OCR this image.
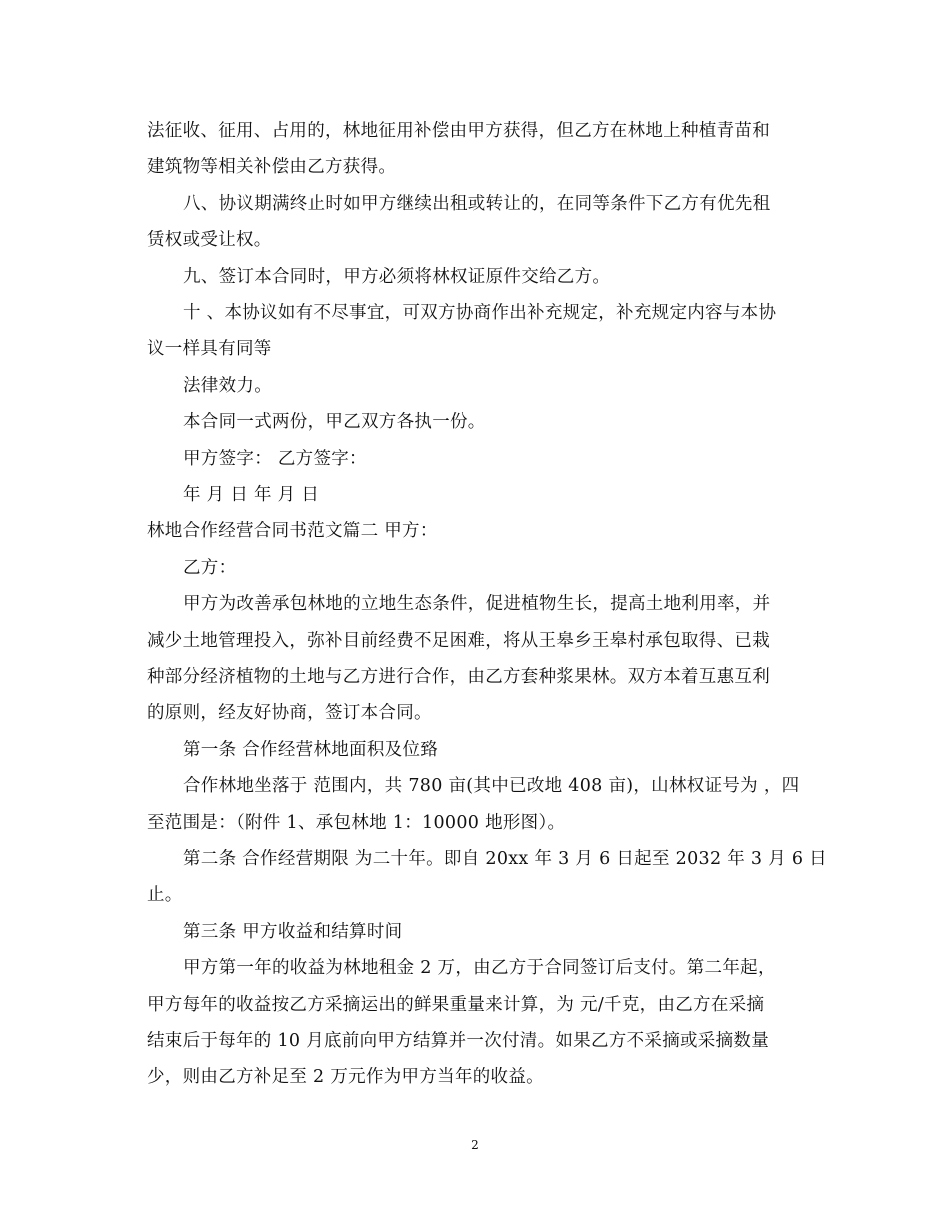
法征收、征用、占用的，林地征用补偿由甲方获得，但乙方在林地上种植青苗和
建筑物等相关补偿由乙方获得。
八、协议期满终止时如甲方继续出租或转让的，在同等条件下乙方有优先租
赁权或受让权。
九、签订本合同时，甲方必须将林权证原件交给乙方。
十 、本协议如有不尽事宜，可双方协商作出补充规定，补充规定内容与本协
议一样具有同等
法律效力。
本合同一式两份，甲乙双方各执一份。
甲方签字： 乙方签字：
年 月 日 年 月 日
林地合作经营合同书范文篇二 甲方：
乙方：
甲方为改善承包林地的立地生态条件，促进植物生长，提高土地利用率，并
减少土地管理投入，弥补目前经费不足困难，将从王皋乡王皋村承包取得、已栽
种部分经济植物的土地与乙方进行合作，由乙方套种浆果林。双方本着互惠互利
的原则，经友好协商，签订本合同。
第一条 合作经营林地面积及位臵
合作林地坐落于 范围内，共 780 亩(其中已改地 408 亩)，山林权证号为 ，四
至范围是：（附件 1、承包林地 1：10000 地形图）。
第二条 合作经营期限 为二十年。即自 20xx 年 3 月 6 日起至 2032 年 3 月 6 日
止。
第三条 甲方收益和结算时间
甲方第一年的收益为林地租金 2 万，由乙方于合同签订后支付。第二年起，
甲方每年的收益按乙方采摘运出的鲜果重量来计算，为 元/千克，由乙方在采摘
结束后于每年的 10 月底前向甲方结算并一次付清。如果乙方不采摘或采摘数量
少，则由乙方补足至 2 万元作为甲方当年的收益。
2
